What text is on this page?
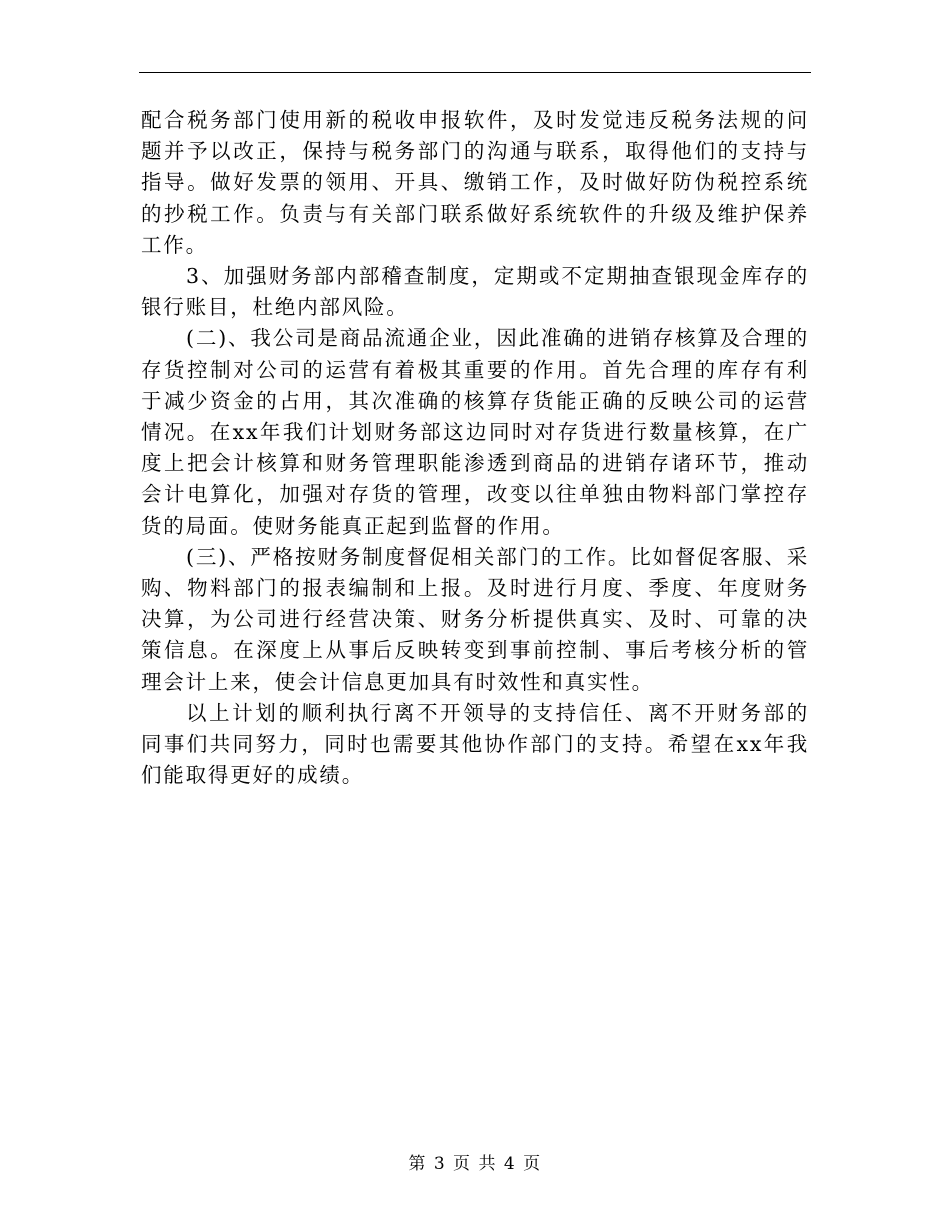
配合税务部门使用新的税收申报软件，及时发觉违反税务法规的问题并予以改正，保持与税务部门的沟通与联系，取得他们的支持与指导。做好发票的领用、开具、缴销工作，及时做好防伪税控系统的抄税工作。负责与有关部门联系做好系统软件的升级及维护保养工作。

3、加强财务部内部稽查制度，定期或不定期抽查银现金库存的银行账目，杜绝内部风险。

(二)、我公司是商品流通企业，因此准确的进销存核算及合理的存货控制对公司的运营有着极其重要的作用。首先合理的库存有利于减少资金的占用，其次准确的核算存货能正确的反映公司的运营情况。在xx年我们计划财务部这边同时对存货进行数量核算，在广度上把会计核算和财务管理职能渗透到商品的进销存诸环节，推动会计电算化，加强对存货的管理，改变以往单独由物料部门掌控存货的局面。使财务能真正起到监督的作用。

(三)、严格按财务制度督促相关部门的工作。比如督促客服、采购、物料部门的报表编制和上报。及时进行月度、季度、年度财务决算，为公司进行经营决策、财务分析提供真实、及时、可靠的决策信息。在深度上从事后反映转变到事前控制、事后考核分析的管理会计上来，使会计信息更加具有时效性和真实性。

以上计划的顺利执行离不开领导的支持信任、离不开财务部的同事们共同努力，同时也需要其他协作部门的支持。希望在xx年我们能取得更好的成绩。

第 3 页 共 4 页
